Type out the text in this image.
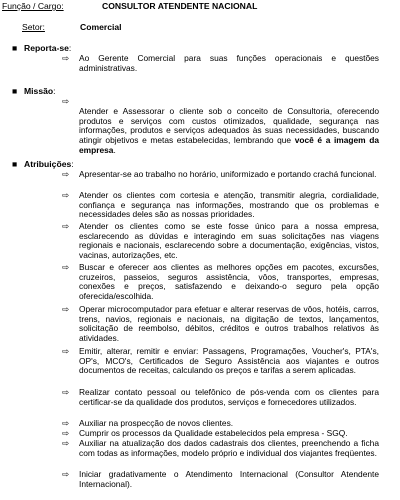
Função / Cargo:	CONSULTOR ATENDENTE NACIONAL
Setor:	Comercial
■ Reporta-se:
⇨ Ao Gerente Comercial para suas funções operacionais e questões administrativas.

■ Missão:
⇨

Atender e Assessorar o cliente sob o conceito de Consultoria, oferecendo produtos e serviços com custos otimizados, qualidade, segurança nas informações, produtos e serviços adequados às suas necessidades, buscando atingir objetivos e metas estabelecidas, lembrando que você é a imagem da empresa.

■ Atribuições:
⇨ Apresentar-se ao trabalho no horário, uniformizado e portando crachá funcional.

⇨ Atender os clientes com cortesia e atenção, transmitir alegria, cordialidade, confiança e segurança nas informações, mostrando que os problemas e necessidades deles são as nossas prioridades.

⇨ Atender os clientes como se este fosse único para a nossa empresa, esclarecendo as dúvidas e interagindo em suas solicitações nas viagens regionais e nacionais, esclarecendo sobre a documentação, exigências, vistos, vacinas, autorizações, etc.

⇨ Buscar e oferecer aos clientes as melhores opções em pacotes, excursões, cruzeiros, passeios, seguros assistência, vôos, transportes, empresas, conexões e preços, satisfazendo e deixando-o seguro pela opção oferecida/escolhida.

⇨ Operar microcomputador para efetuar e alterar reservas de vôos, hotéis, carros, trens, navios, regionais e nacionais, na digitação de textos, lançamentos, solicitação de reembolso, débitos, créditos e outros trabalhos relativos às atividades.

⇨ Emitir, alterar, remitir e enviar: Passagens, Programações, Voucher's, PTA's, OP's, MCO's, Certificados de Seguro Assistência aos viajantes e outros documentos de receitas, calculando os preços e tarifas a serem aplicadas.

⇨ Realizar contato pessoal ou telefônico de pós-venda com os clientes para certificar-se da qualidade dos produtos, serviços e fornecedores utilizados.

⇨ Auxiliar na prospecção de novos clientes.

⇨ Cumprir os processos da Qualidade estabelecidos pela empresa - SGQ.

⇨ Auxiliar na atualização dos dados cadastrais dos clientes, preenchendo a ficha com todas as informações, modelo próprio e individual dos viajantes freqüentes.

⇨ Iniciar gradativamente o Atendimento Internacional (Consultor Atendente Internacional).
